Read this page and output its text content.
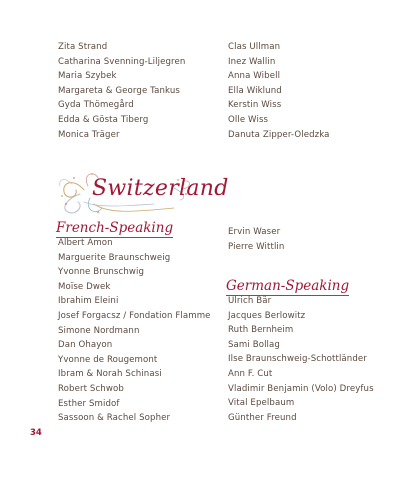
Zita Strand
Catharina Svenning-Liljegren
Maria Szybek
Margareta & George Tankus
Gyda Thömegård
Edda & Gösta Tiberg
Monica Träger
Clas Ullman
Inez Wallin
Anna Wibell
Ella Wiklund
Kerstin Wiss
Olle Wiss
Danuta Zipper-Oledzka
Switzerland
French-Speaking
Albert Amon
Marguerite Braunschweig
Yvonne Brunschwig
Moïse Dwek
Ibrahim Eleini
Josef Forgacsz / Fondation Flamme
Simone Nordmann
Dan Ohayon
Yvonne de Rougemont
Ibram & Norah Schinasi
Robert Schwob
Esther Smidof
Sassoon & Rachel Sopher
Ervin Waser
Pierre Wittlin
German-Speaking
Ulrich Bär
Jacques Berlowitz
Ruth Bernheim
Sami Bollag
Ilse Braunschweig-Schottländer
Ann F. Cut
Vladimir Benjamin (Volo) Dreyfus
Vital Epelbaum
Günther Freund
34
